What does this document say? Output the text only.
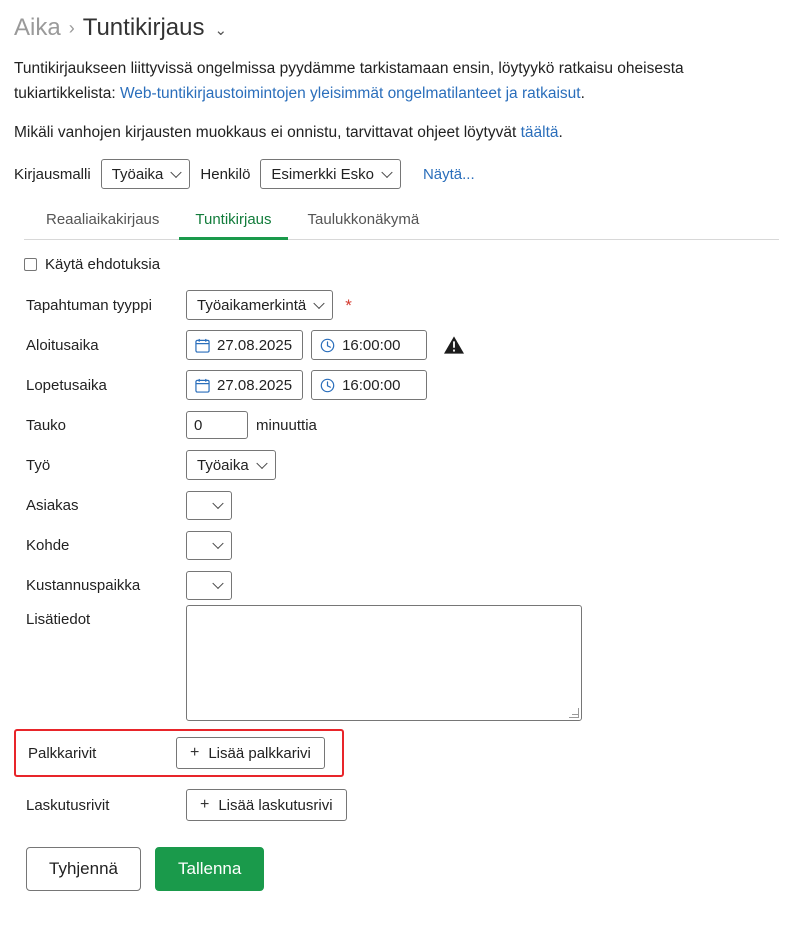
Aika › Tuntikirjaus ⌄

Tuntikirjaukseen liittyvissä ongelmissa pyydämme tarkistamaan ensin, löytyykö ratkaisu oheisesta tukiartikkelista: Web-tuntikirjaustoimintojen yleisimmät ongelmatilanteet ja ratkaisut.

Mikäli vanhojen kirjausten muokkaus ei onnistu, tarvittavat ohjeet löytyvät täältä.

Kirjausmalli	Työaika	Henkilö	Esimerkki Esko	Näytä...
Reaaliaikakirjaus	Tuntikirjaus	Taulukkonäkymä
Käytä ehdotuksia
Tapahtuman tyyppi	Työaikamerkintä	*
Aloitusaika	27.08.2025	16:00:00
Lopetusaika	27.08.2025	16:00:00
Tauko	0	minuuttia
Työ	Työaika
Asiakas
Kohde
Kustannuspaikka
Lisätiedot
Palkkarivit	+ Lisää palkkarivi
Laskutusrivit	+ Lisää laskutusrivi
Tyhjennä	Tallenna
